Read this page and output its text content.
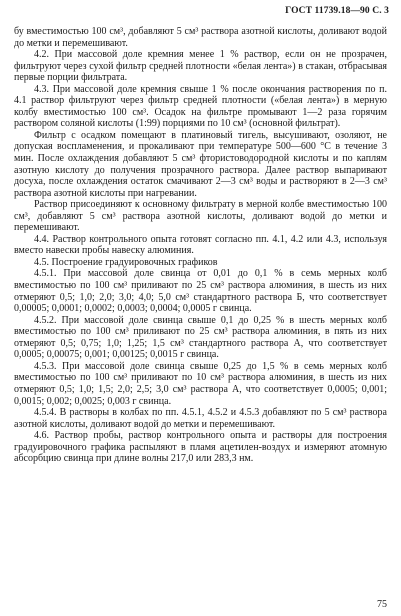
ГОСТ 11739.18—90 С. 3

бу вместимостью 100 см³, добавляют 5 см³ раствора азотной кислоты, доливают водой до метки и перемешивают.

4.2. При массовой доле кремния менее 1 % раствор, если он не прозрачен, фильтруют через сухой фильтр средней плотности «белая лента») в стакан, отбрасывая первые порции фильтрата.

4.3. При массовой доле кремния свыше 1 % после окончания растворения по п. 4.1 раствор фильтруют через фильтр средней плотности («белая лента») в мерную колбу вместимостью 100 см³. Осадок на фильтре промывают 1—2 раза горячим раствором соляной кислоты (1:99) порциями по 10 см³ (основной фильтрат).

Фильтр с осадком помещают в платиновый тигель, высушивают, озоляют, не допуская воспламенения, и прокаливают при температуре 500—600 °С в течение 3 мин. После охлаждения добавляют 5 см³ фтористоводородной кислоты и по каплям азотную кислоту до получения прозрачного раствора. Далее раствор выпаривают досуха, после охлаждения остаток смачивают 2—3 см³ воды и растворяют в 2—3 см³ раствора азотной кислоты при нагревании.

Раствор присоединяют к основному фильтрату в мерной колбе вместимостью 100 см³, добавляют 5 см³ раствора азотной кислоты, доливают водой до метки и перемешивают.

4.4. Раствор контрольного опыта готовят согласно пп. 4.1, 4.2 или 4.3, используя вместо навески пробы навеску алюминия.

4.5. Построение градуировочных графиков

4.5.1. При массовой доле свинца от 0,01 до 0,1 % в семь мерных колб вместимостью по 100 см³ приливают по 25 см³ раствора алюминия, в шесть из них отмеряют 0,5; 1,0; 2,0; 3,0; 4,0; 5,0 см³ стандартного раствора Б, что соответствует 0,00005; 0,0001; 0,0002; 0,0003; 0,0004; 0,0005 г свинца.

4.5.2. При массовой доле свинца свыше 0,1 до 0,25 % в шесть мерных колб вместимостью по 100 см³ приливают по 25 см³ раствора алюминия, в пять из них отмеряют 0,5; 0,75; 1,0; 1,25; 1,5 см³ стандартного раствора А, что соответствует 0,0005; 0,00075; 0,001; 0,00125; 0,0015 г свинца.

4.5.3. При массовой доле свинца свыше 0,25 до 1,5 % в семь мерных колб вместимостью по 100 см³ приливают по 10 см³ раствора алюминия, в шесть из них отмеряют 0,5; 1,0; 1,5; 2,0; 2,5; 3,0 см³ раствора А, что соответствует 0,0005; 0,001; 0,0015; 0,002; 0,0025; 0,003 г свинца.

4.5.4. В растворы в колбах по пп. 4.5.1, 4.5.2 и 4.5.3 добавляют по 5 см³ раствора азотной кислоты, доливают водой до метки и перемешивают.

4.6. Раствор пробы, раствор контрольного опыта и растворы для построения градуировочного графика распыляют в пламя ацетилен-воздух и измеряют атомную абсорбцию свинца при длине волны 217,0 или 283,3 нм.

75
